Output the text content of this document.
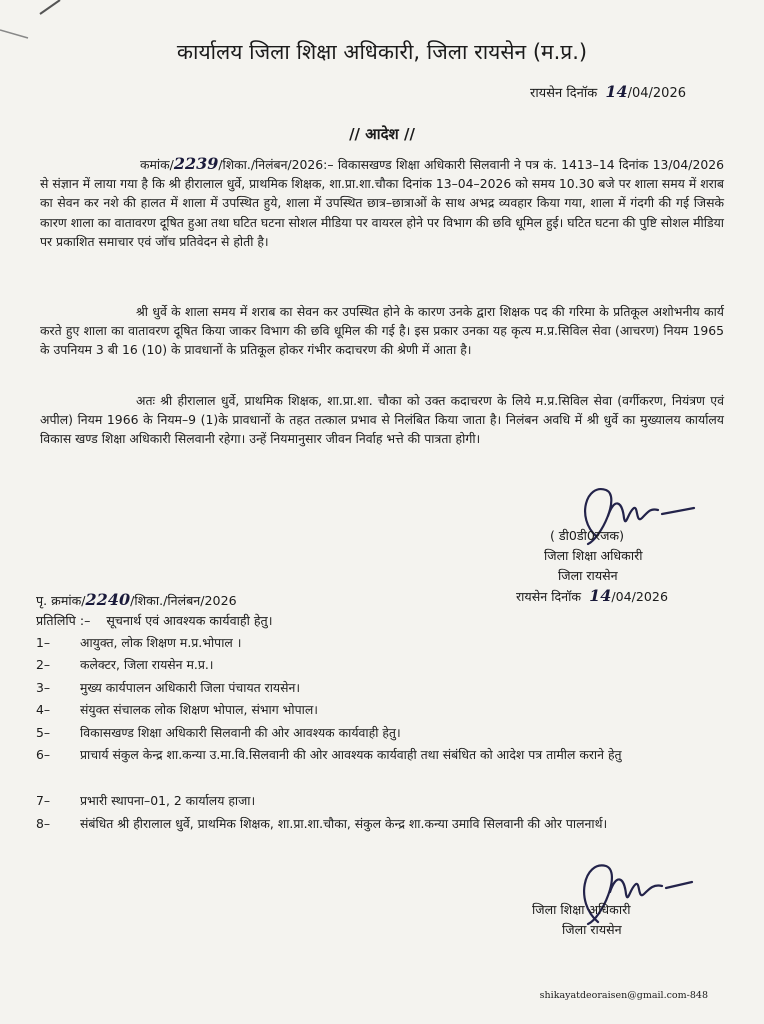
कार्यालय जिला शिक्षा अधिकारी, जिला रायसेन (म.प्र.)
रायसेन दिनॉक 14/04/2026
// आदेश //
कमांक/2239/शिका./निलंबन/2026:– विकासखण्ड शिक्षा अधिकारी सिलवानी ने पत्र कं. 1413–14 दिनांक 13/04/2026 से संज्ञान में लाया गया है कि श्री हीरालाल धुर्वे, प्राथमिक शिक्षक, शा.प्रा.शा.चौका दिनांक 13–04–2026 को समय 10.30 बजे पर शाला समय में शराब का सेवन कर नशे की हालत में शाला में उपस्थित हुये, शाला में उपस्थित छात्र–छात्राओं के साथ अभद्र व्यवहार किया गया, शाला में गंदगी की गई जिसके कारण शाला का वातावरण दूषित हुआ तथा घटित घटना सोशल मीडिया पर वायरल होने पर विभाग की छवि धूमिल हुई। घटित घटना की पुष्टि सोशल मीडिया पर प्रकाशित समाचार एवं जॉच प्रतिवेदन से होती है।
श्री धुर्वे के शाला समय में शराब का सेवन कर उपस्थित होने के कारण उनके द्वारा शिक्षक पद की गरिमा के प्रतिकूल अशोभनीय कार्य करते हुए शाला का वातावरण दूषित किया जाकर विभाग की छवि धूमिल की गई है। इस प्रकार उनका यह कृत्य म.प्र.सिविल सेवा (आचरण) नियम 1965 के उपनियम 3 बी 16 (10) के प्रावधानों के प्रतिकूल होकर गंभीर कदाचरण की श्रेणी में आता है।
अतः श्री हीरालाल धुर्वे, प्राथमिक शिक्षक, शा.प्रा.शा. चौका को उक्त कदाचरण के लिये म.प्र.सिविल सेवा (वर्गीकरण, नियंत्रण एवं अपील) नियम 1966 के नियम–9 (1)के प्रावधानों के तहत तत्काल प्रभाव से निलंबित किया जाता है। निलंबन अवधि में श्री धुर्वे का मुख्यालय कार्यालय विकास खण्ड शिक्षा अधिकारी सिलवानी रहेगा। उन्हें नियमानुसार जीवन निर्वाह भत्ते की पात्रता होगी।
( डी0डी0रजक)
जिला शिक्षा अधिकारी
जिला रायसेन
रायसेन दिनॉक 14/04/2026
पृ. क्रमांक/2240/शिका./निलंबन/2026
प्रतिलिपि :– सूचनार्थ एवं आवश्यक कार्यवाही हेतु।
1– आयुक्त, लोक शिक्षण म.प्र.भोपाल ।
2– कलेक्टर, जिला रायसेन म.प्र.।
3– मुख्य कार्यपालन अधिकारी जिला पंचायत रायसेन।
4– संयुक्त संचालक लोक शिक्षण भोपाल, संभाग भोपाल।
5– विकासखण्ड शिक्षा अधिकारी सिलवानी की ओर आवश्यक कार्यवाही हेतु।
6– प्राचार्य संकुल केन्द्र शा.कन्या उ.मा.वि.सिलवानी की ओर आवश्यक कार्यवाही तथा संबंधित को आदेश पत्र तामील कराने हेतु
7– प्रभारी स्थापना–01, 2 कार्यालय हाजा।
8– संबंधित श्री हीरालाल धुर्वे, प्राथमिक शिक्षक, शा.प्रा.शा.चौका, संकुल केन्द्र शा.कन्या उमावि सिलवानी की ओर पालनार्थ।
जिला शिक्षा अधिकारी
जिला रायसेन
shikayatdeoraisen@gmail.com-848
